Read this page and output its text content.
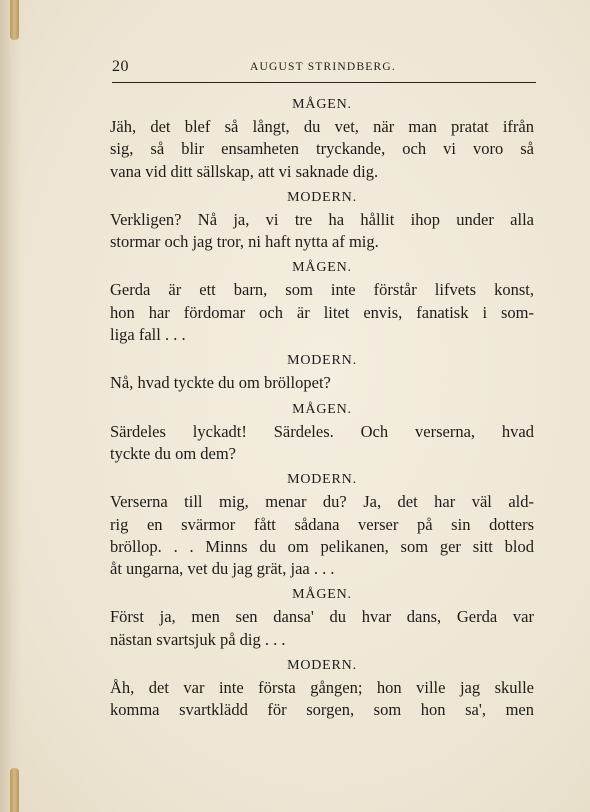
20	AUGUST STRINDBERG.
MÅGEN.
Jäh, det blef så långt, du vet, när man pratat ifrån
sig, så blir ensamheten tryckande, och vi voro så
vana vid ditt sällskap, att vi saknade dig.
MODERN.
Verkligen? Nå ja, vi tre ha hållit ihop under alla
stormar och jag tror, ni haft nytta af mig.
MÅGEN.
Gerda är ett barn, som inte förstår lifvets konst,
hon har fördomar och är litet envis, fanatisk i som-
liga fall . . .
MODERN.
Nå, hvad tyckte du om bröllopet?
MÅGEN.
Särdeles lyckadt! Särdeles. Och verserna, hvad
tyckte du om dem?
MODERN.
Verserna till mig, menar du? Ja, det har väl ald-
rig en svärmor fått sådana verser på sin dotters
bröllop. . . Minns du om pelikanen, som ger sitt blod
åt ungarna, vet du jag grät, jaa . . .
MÅGEN.
Först ja, men sen dansa' du hvar dans, Gerda var
nästan svartsjuk på dig . . .
MODERN.
Åh, det var inte första gången; hon ville jag skulle
komma svartklädd för sorgen, som hon sa', men
